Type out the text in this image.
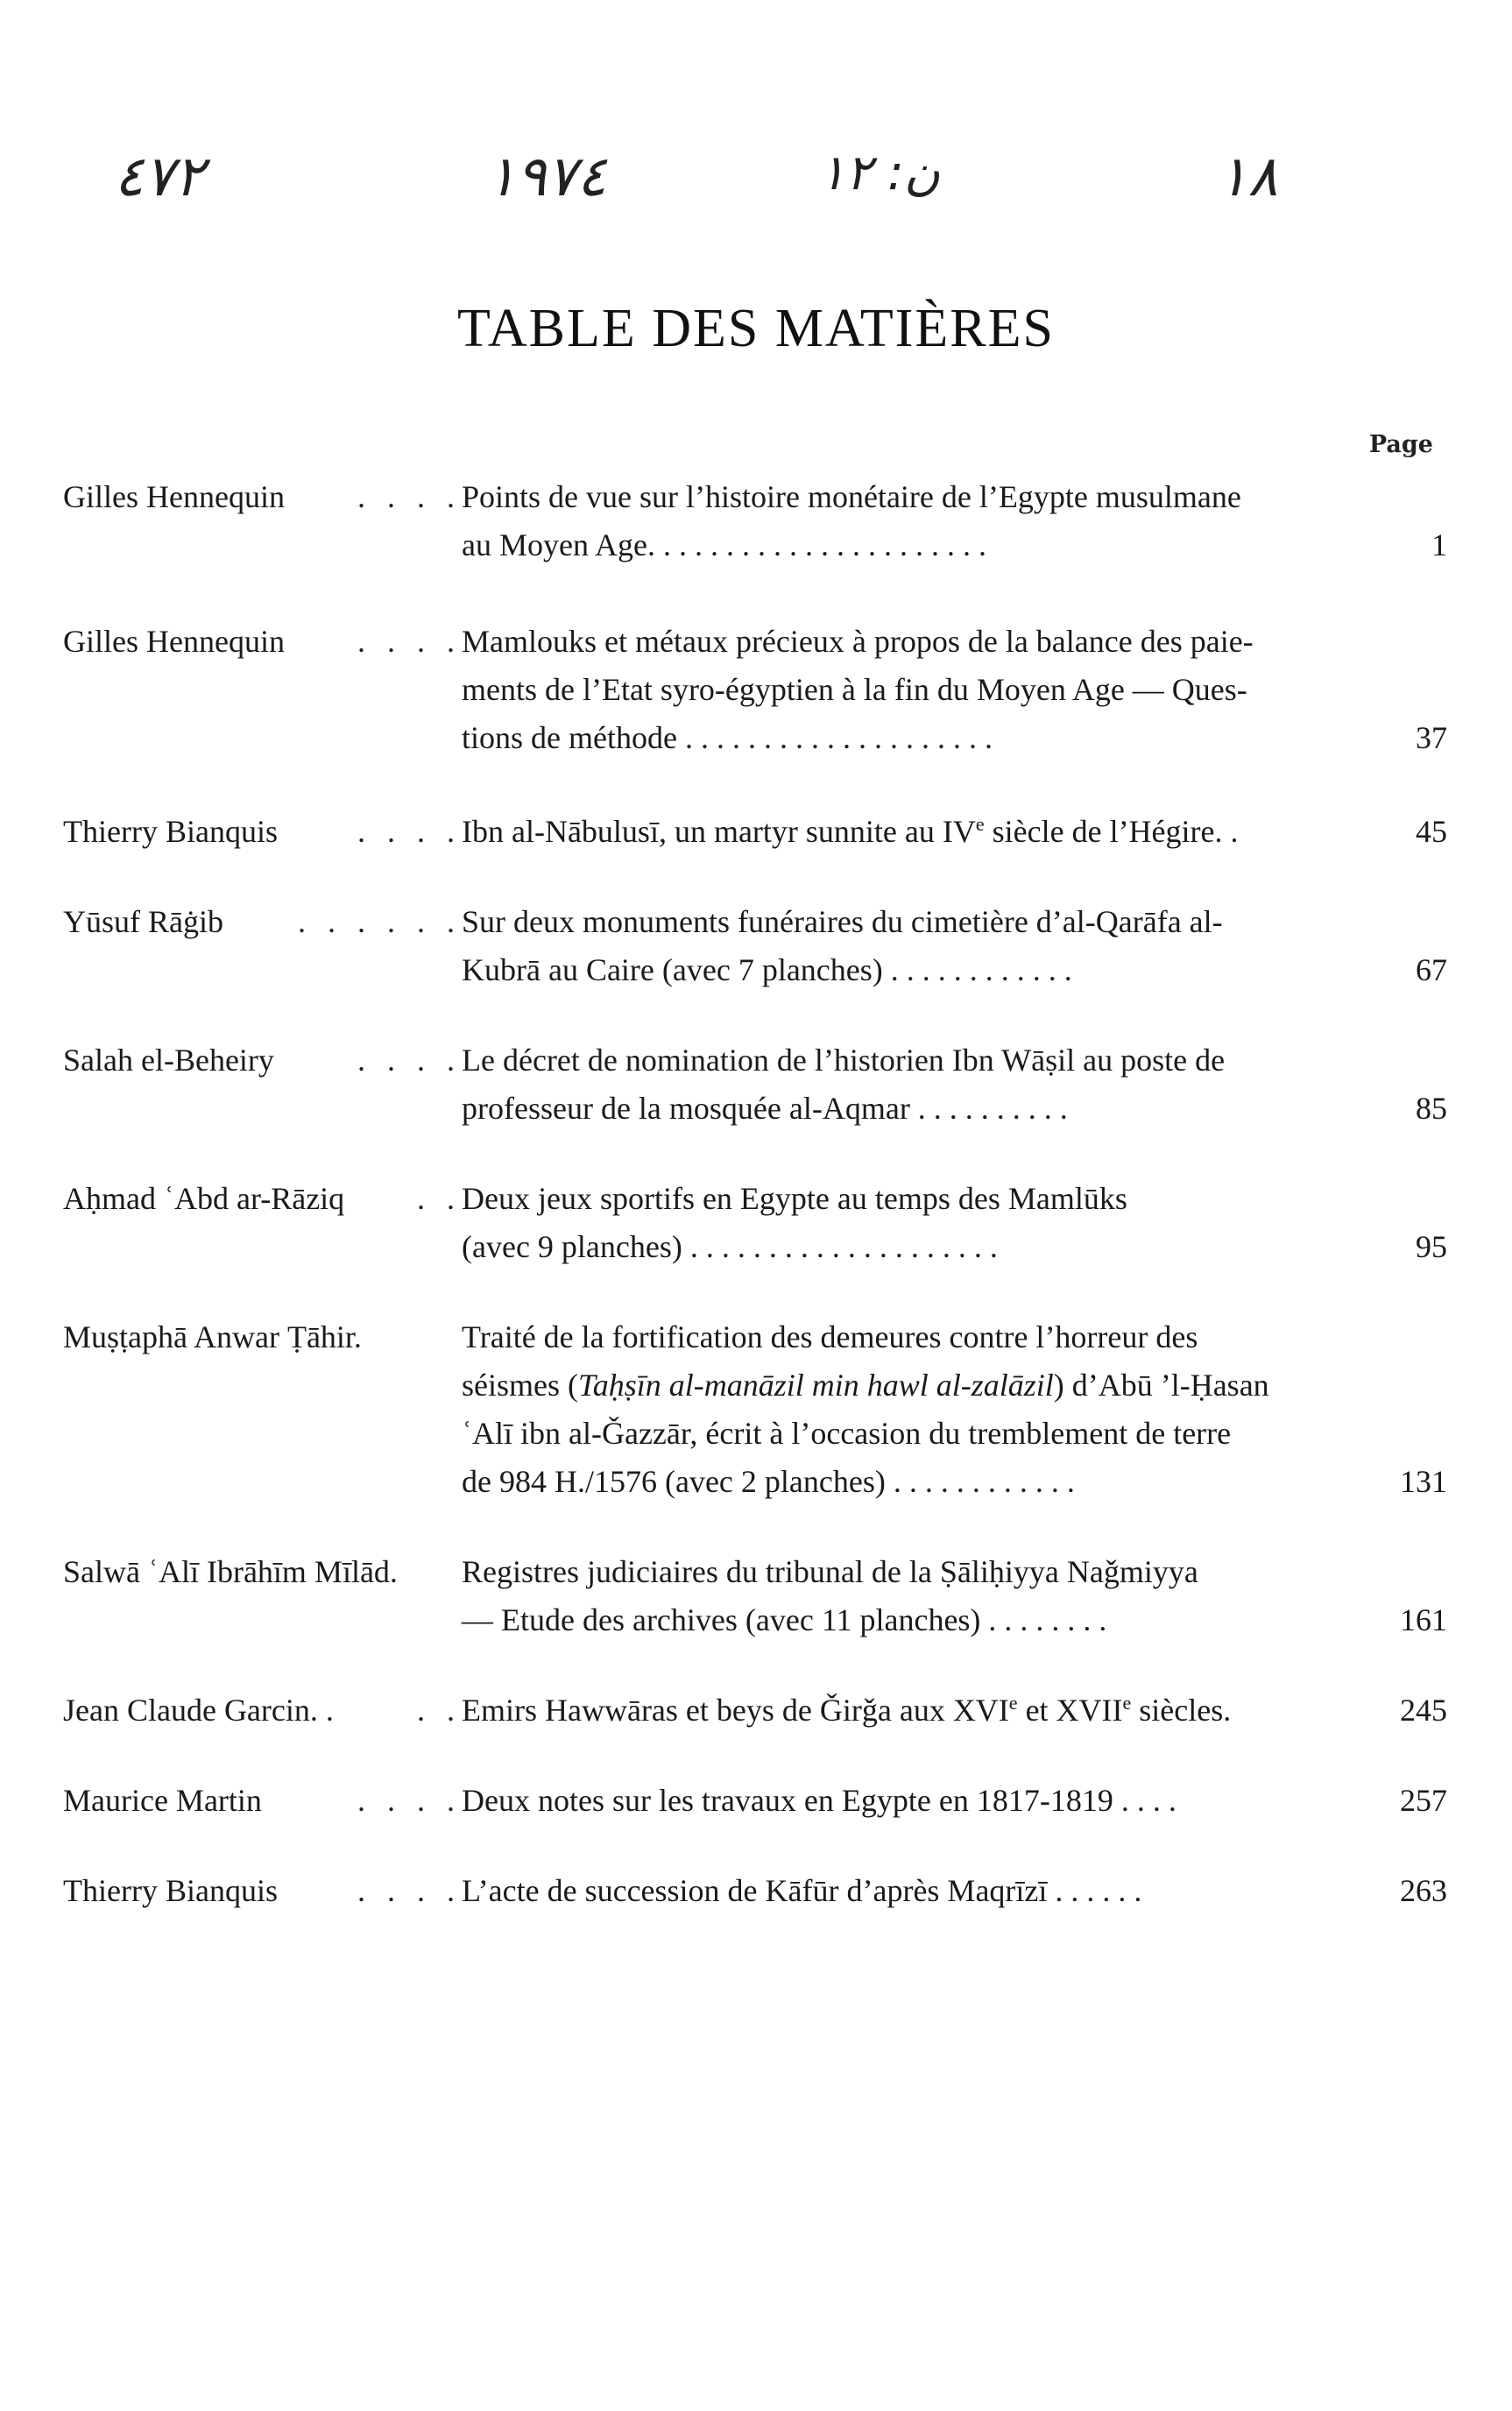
٤٧٢	١٩٧٤	ن: ١٢	١٨
TABLE DES MATIÈRES
Page
Gilles Hennequin . . . . Points de vue sur l’histoire monétaire de l’Egypte musulmane
au Moyen Age. . . . . . . . . . . . . . . . . . . . . .	1
Gilles Hennequin . . . . Mamlouks et métaux précieux à propos de la balance des paie-
ments de l’Etat syro-égyptien à la fin du Moyen Age — Ques-
tions de méthode . . . . . . . . . . . . . . . . . . . .	37
Thierry Bianquis	. . . . Ibn al-Nābulusī, un martyr sunnite au IVe siècle de l’Hégire. .	45
Yūsuf Rāġib . . . . . . Sur deux monuments funéraires du cimetière d’al-Qarāfa al-
Kubrā au Caire (avec 7 planches) . . . . . . . . . . . .	67
Salah el-Beheiry	. . . . Le décret de nomination de l’historien Ibn Wāṣil au poste de
professeur de la mosquée al-Aqmar . . . . . . . . . .	85
Aḥmad ʿAbd ar-Rāziq . . Deux jeux sportifs en Egypte au temps des Mamlūks
(avec 9 planches) . . . . . . . . . . . . . . . . . . . .	95
Muṣṭaphā Anwar Ṭāhir.	Traité de la fortification des demeures contre l’horreur des
séismes (Taḥṣīn al-manāzil min hawl al-zalāzil) d’Abū ’l-Ḥasan
ʿAlī ibn al-Ǧazzār, écrit à l’occasion du tremblement de terre
de 984 H./1576 (avec 2 planches) . . . . . . . . . . . .	131
Salwā ʿAlī Ibrāhīm Mīlād.	Registres judiciaires du tribunal de la Ṣāliḥiyya Naǧmiyya
— Etude des archives (avec 11 planches) . . . . . . . .	161
Jean Claude Garcin. .	. . Emirs Hawwāras et beys de Ǧirǧa aux XVIe et XVIIe siècles.	245
Maurice Martin	. . . . Deux notes sur les travaux en Egypte en 1817-1819 . . . .	257
Thierry Bianquis	. . . . L’acte de succession de Kāfūr d’après Maqrīzī . . . . . .	263
